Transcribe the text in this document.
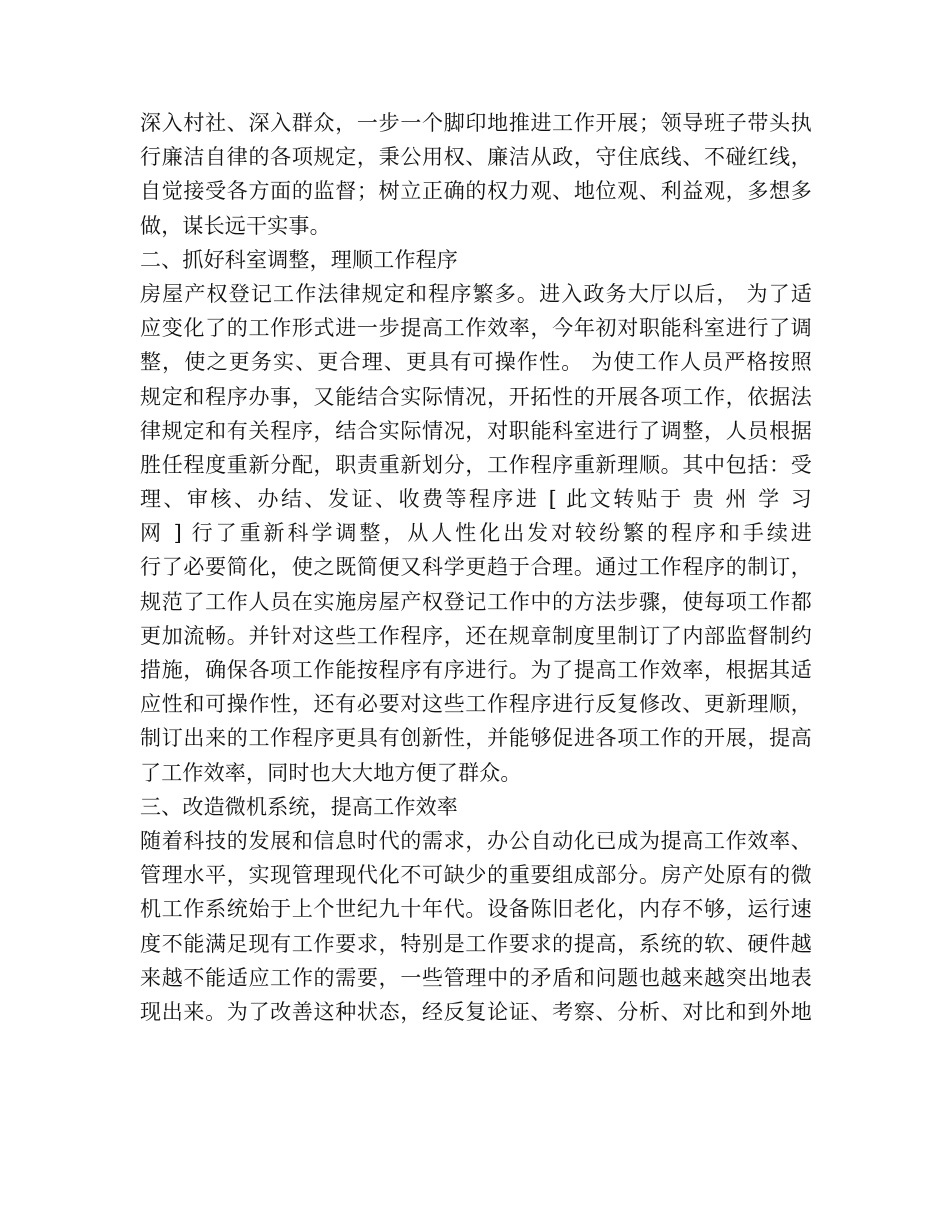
深入村社、深入群众，一步一个脚印地推进工作开展；领导班子带头执
行廉洁自律的各项规定，秉公用权、廉洁从政，守住底线、不碰红线，
自觉接受各方面的监督；树立正确的权力观、地位观、利益观，多想多
做，谋长远干实事。
二、抓好科室调整，理顺工作程序
房屋产权登记工作法律规定和程序繁多。进入政务大厅以后， 为了适
应变化了的工作形式进一步提高工作效率，今年初对职能科室进行了调
整，使之更务实、更合理、更具有可操作性。 为使工作人员严格按照
规定和程序办事，又能结合实际情况，开拓性的开展各项工作，依据法
律规定和有关程序，结合实际情况，对职能科室进行了调整，人员根据
胜任程度重新分配，职责重新划分，工作程序重新理顺。其中包括：受
理、审核、办结、发证、收费等程序进 [ 此文转贴于 贵 州 学 习
网 ] 行了重新科学调整，从人性化出发对较纷繁的程序和手续进
行了必要简化，使之既简便又科学更趋于合理。通过工作程序的制订，
规范了工作人员在实施房屋产权登记工作中的方法步骤，使每项工作都
更加流畅。并针对这些工作程序，还在规章制度里制订了内部监督制约
措施，确保各项工作能按程序有序进行。为了提高工作效率，根据其适
应性和可操作性，还有必要对这些工作程序进行反复修改、更新理顺，
制订出来的工作程序更具有创新性，并能够促进各项工作的开展，提高
了工作效率，同时也大大地方便了群众。
三、改造微机系统，提高工作效率
随着科技的发展和信息时代的需求，办公自动化已成为提高工作效率、
管理水平，实现管理现代化不可缺少的重要组成部分。房产处原有的微
机工作系统始于上个世纪九十年代。设备陈旧老化，内存不够，运行速
度不能满足现有工作要求，特别是工作要求的提高，系统的软、硬件越
来越不能适应工作的需要，一些管理中的矛盾和问题也越来越突出地表
现出来。为了改善这种状态，经反复论证、考察、分析、对比和到外地
